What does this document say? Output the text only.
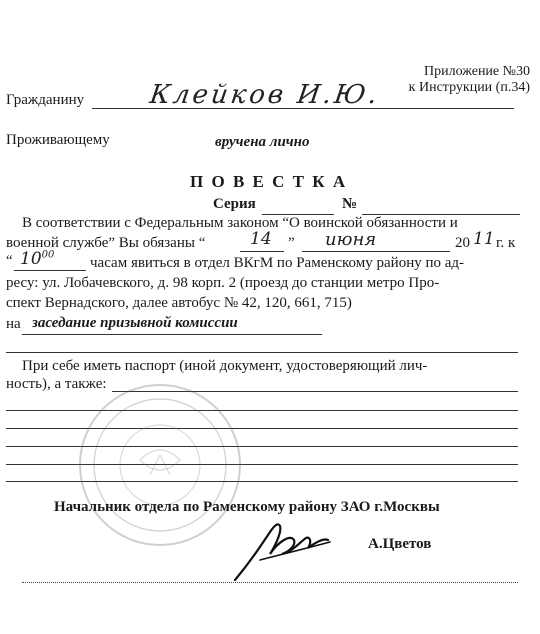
Приложение №30
к Инструкции (п.34)
Гражданину Клейков И.Ю.
Проживающему	вручена лично
П О В Е С Т К А
Серия	№
В соответствии с Федеральным законом “О воинской обязанности и
военной службе” Вы обязаны “	14 ” июня	20 11 г. к
“ $10^{00}$
часам явиться в отдел ВКгМ по Раменскому району по ад-
ресу: ул. Лобачевского, д. 98 корп. 2 (проезд до станции метро Про-
спект Вернадского, далее автобус № 42, 120, 661, 715)
на заседание призывной комиссии
При себе иметь паспорт (иной документ, удостоверяющий лич-
ность), а также:
Начальник отдела по Раменскому району ЗАО г.Москвы
А.Цветов
